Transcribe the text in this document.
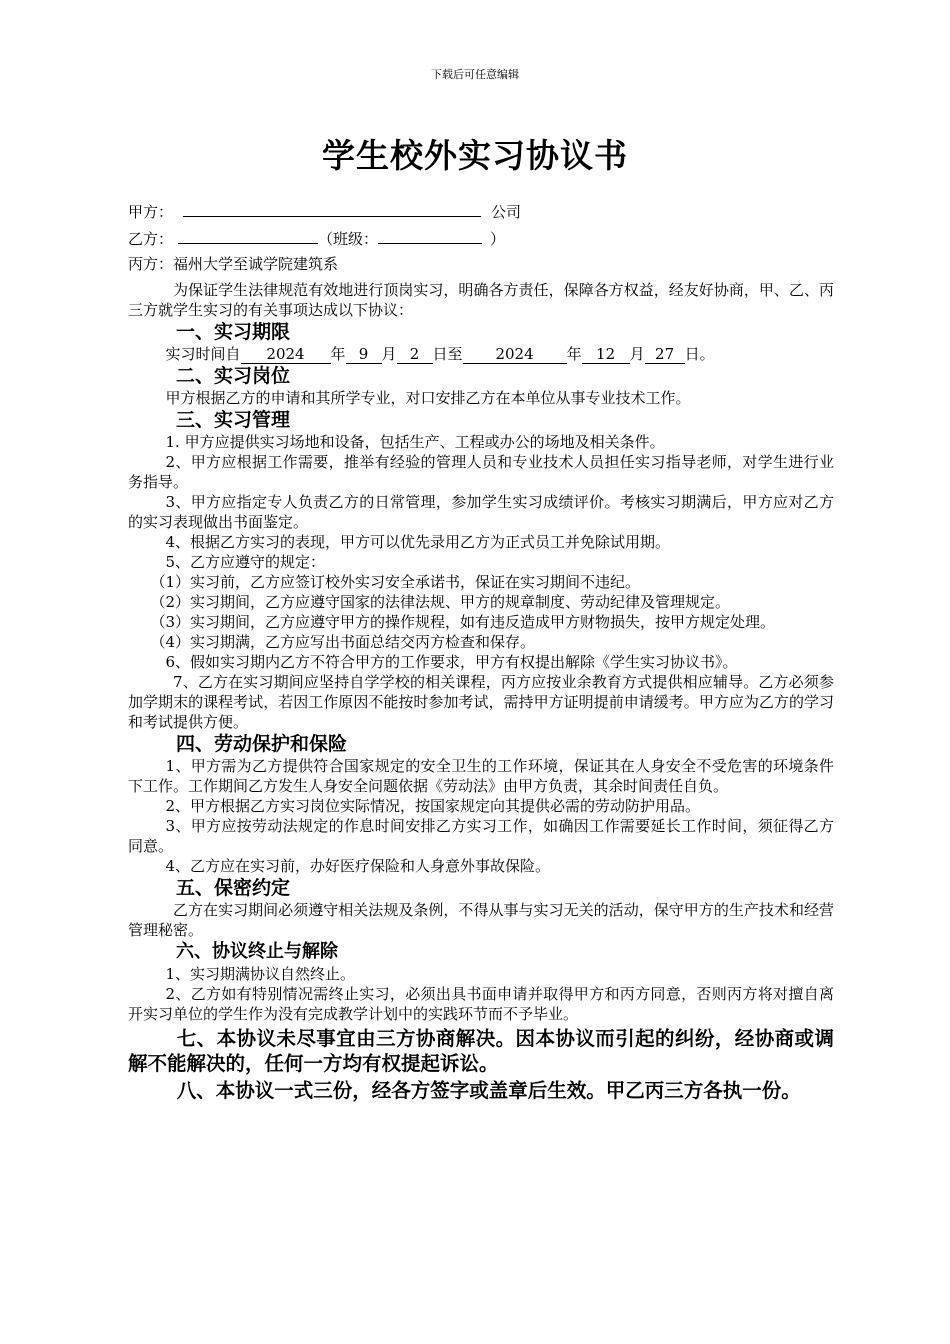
下载后可任意编辑
学生校外实习协议书
甲方：	公司
乙方：	（班级：	）

丙方：福州大学至诚学院建筑系

为保证学生法律规范有效地进行顶岗实习，明确各方责任，保障各方权益，经友好协商，甲、乙、丙三方就学生实习的有关事项达成以下协议：

一、实习期限

实习时间自 2024 年 9 月 2 日至 2024 年 12 月 27 日。

二、实习岗位

甲方根据乙方的申请和其所学专业，对口安排乙方在本单位从事专业技术工作。

三、实习管理

1. 甲方应提供实习场地和设备，包括生产、工程或办公的场地及相关条件。

2、甲方应根据工作需要，推举有经验的管理人员和专业技术人员担任实习指导老师，对学生进行业务指导。

3、甲方应指定专人负责乙方的日常管理，参加学生实习成绩评价。考核实习期满后，甲方应对乙方的实习表现做出书面鉴定。

4、根据乙方实习的表现，甲方可以优先录用乙方为正式员工并免除试用期。

5、乙方应遵守的规定：

（1）实习前，乙方应签订校外实习安全承诺书，保证在实习期间不违纪。

（2）实习期间，乙方应遵守国家的法律法规、甲方的规章制度、劳动纪律及管理规定。

（3）实习期间，乙方应遵守甲方的操作规程，如有违反造成甲方财物损失，按甲方规定处理。

（4）实习期满，乙方应写出书面总结交丙方检查和保存。

6、假如实习期内乙方不符合甲方的工作要求，甲方有权提出解除《学生实习协议书》。

7、乙方在实习期间应坚持自学学校的相关课程，丙方应按业余教育方式提供相应辅导。乙方必须参加学期末的课程考试，若因工作原因不能按时参加考试，需持甲方证明提前申请缓考。甲方应为乙方的学习和考试提供方便。

四、劳动保护和保险

1、甲方需为乙方提供符合国家规定的安全卫生的工作环境，保证其在人身安全不受危害的环境条件下工作。工作期间乙方发生人身安全问题依据《劳动法》由甲方负责，其余时间责任自负。

2、甲方根据乙方实习岗位实际情况，按国家规定向其提供必需的劳动防护用品。

3、甲方应按劳动法规定的作息时间安排乙方实习工作，如确因工作需要延长工作时间，须征得乙方同意。

4、乙方应在实习前，办好医疗保险和人身意外事故保险。

五、保密约定

乙方在实习期间必须遵守相关法规及条例，不得从事与实习无关的活动，保守甲方的生产技术和经营管理秘密。

六、协议终止与解除

1、实习期满协议自然终止。

2、乙方如有特别情况需终止实习，必须出具书面申请并取得甲方和丙方同意，否则丙方将对擅自离开实习单位的学生作为没有完成教学计划中的实践环节而不予毕业。

七、本协议未尽事宜由三方协商解决。因本协议而引起的纠纷，经协商或调解不能解决的，任何一方均有权提起诉讼。

八、本协议一式三份，经各方签字或盖章后生效。甲乙丙三方各执一份。
